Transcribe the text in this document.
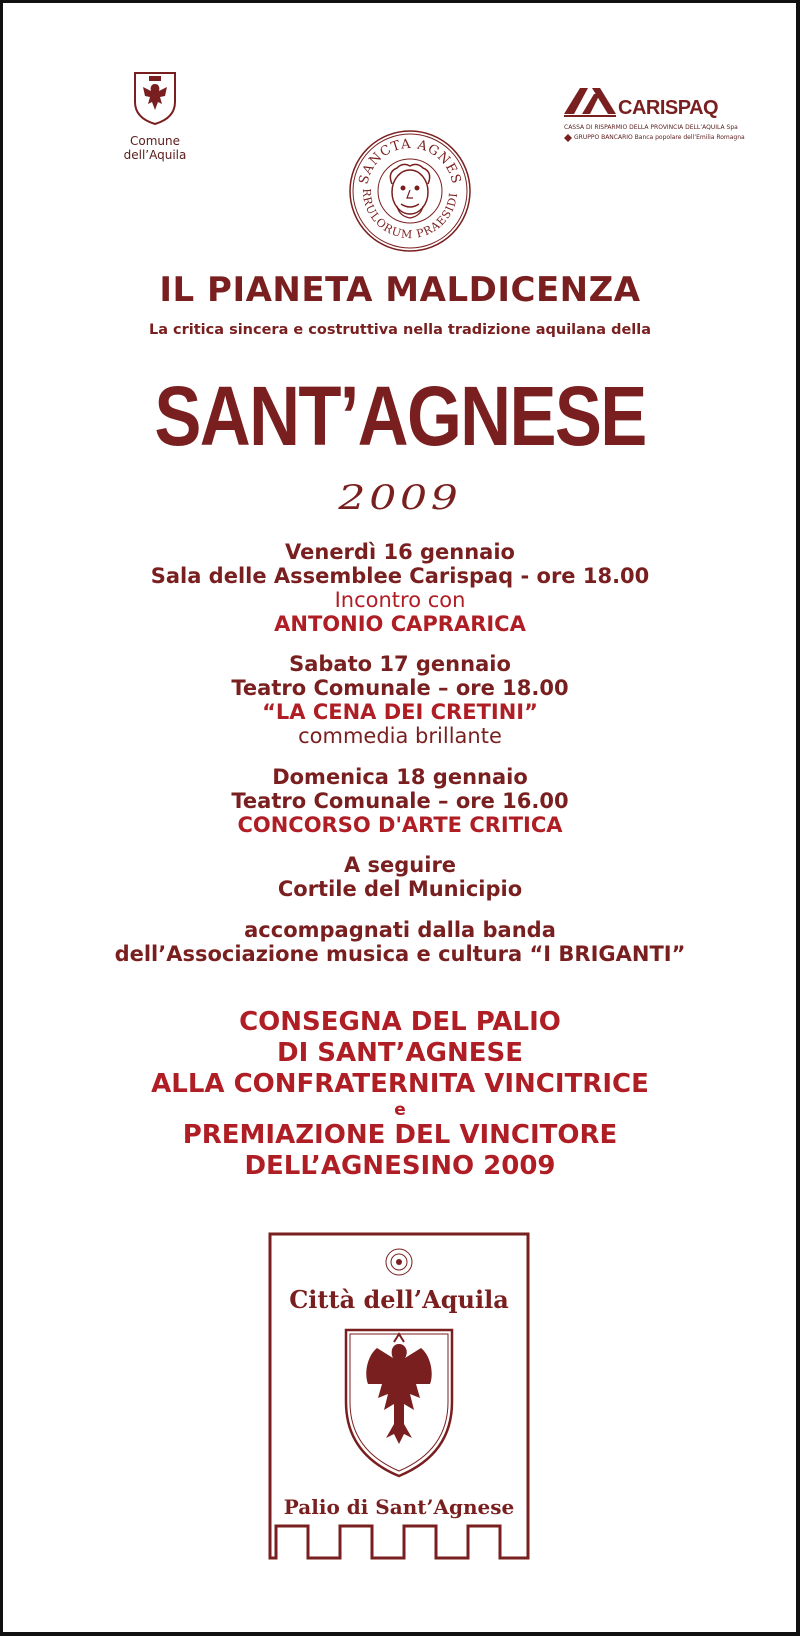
Comune dell’Aquila
CARISPAQ
CASSA DI RISPARMIO DELLA PROVINCIA DELL’AQUILA Spa
GRUPPO BANCARIO Banca popolare dell’Emilia Romagna
SANCTA AGNES
RRULORUM PRAESIDI
IL PIANETA MALDICENZA
La critica sincera e costruttiva nella tradizione aquilana della
SANT’AGNESE
2009
Venerdì 16 gennaio
Sala delle Assemblee Carispaq - ore 18.00
Incontro con
ANTONIO CAPRARICA
Sabato 17 gennaio
Teatro Comunale – ore 18.00
“LA CENA DEI CRETINI”
commedia brillante
Domenica 18 gennaio
Teatro Comunale – ore 16.00
CONCORSO D'ARTE CRITICA
A seguire
Cortile del Municipio
accompagnati dalla banda
dell’Associazione musica e cultura “I BRIGANTI”
CONSEGNA DEL PALIO
DI SANT’AGNESE
ALLA CONFRATERNITA VINCITRICE
e
PREMIAZIONE DEL VINCITORE
DELL’AGNESINO 2009
Città dell’Aquila
Palio di Sant’Agnese
